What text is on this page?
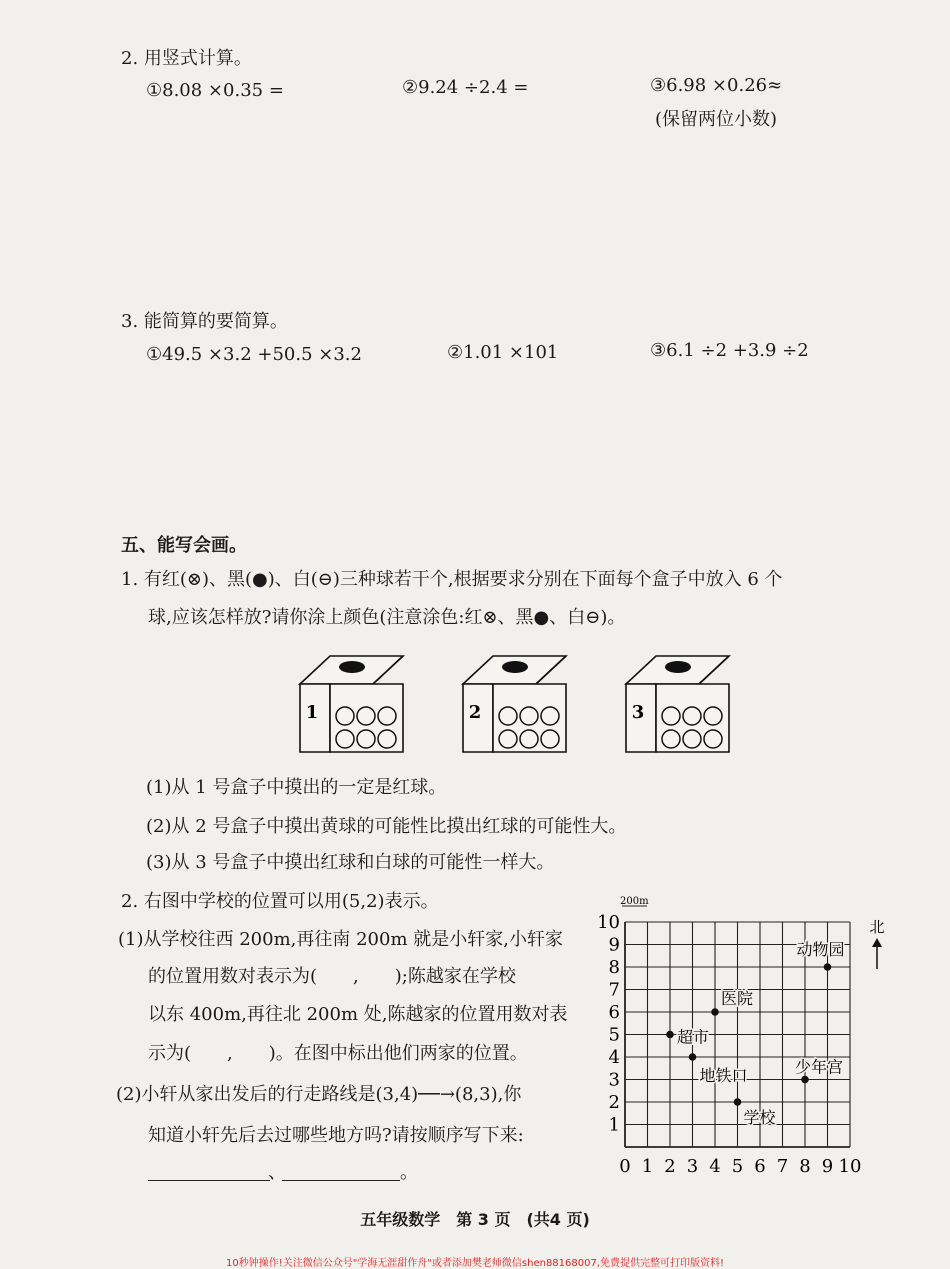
2. 用竖式计算。
①8.08 ×0.35 =	②9.24 ÷2.4 =	③6.98 ×0.26≈
(保留两位小数)
3. 能简算的要简算。
①49.5 ×3.2 +50.5 ×3.2	②1.01 ×101	③6.1 ÷2 +3.9 ÷2
五、能写会画。
1. 有红(⊗)、黑(●)、白(⊖)三种球若干个,根据要求分别在下面每个盒子中放入 6 个
球,应该怎样放?请你涂上颜色(注意涂色:红⊗、黑●、白⊖)。
1	2	3
(1)从 1 号盒子中摸出的一定是红球。
(2)从 2 号盒子中摸出黄球的可能性比摸出红球的可能性大。
(3)从 3 号盒子中摸出红球和白球的可能性一样大。
2. 右图中学校的位置可以用(5,2)表示。
(1)从学校往西 200m,再往南 200m 就是小轩家,小轩家
的位置用数对表示为(　　,　　);陈越家在学校
以东 400m,再往北 200m 处,陈越家的位置用数对表
示为(　　,　　)。在图中标出他们两家的位置。
(2)小轩从家出发后的行走路线是(3,4)──→(8,3),你
知道小轩先后去过哪些地方吗?请按顺序写下来:
、	。	0 1 2 3 4 5 6 7 8 9 10
1
2
3
4
5
6
7
8
9
10
200m
北
超市
地铁口
医院
学校
动物园
少年宫
五年级数学　第 3 页　(共4 页)
10秒钟操作!关注微信公众号"学海无涯甜作舟"或者添加樊老师微信shen88168007,免费提供完整可打印版资料!
